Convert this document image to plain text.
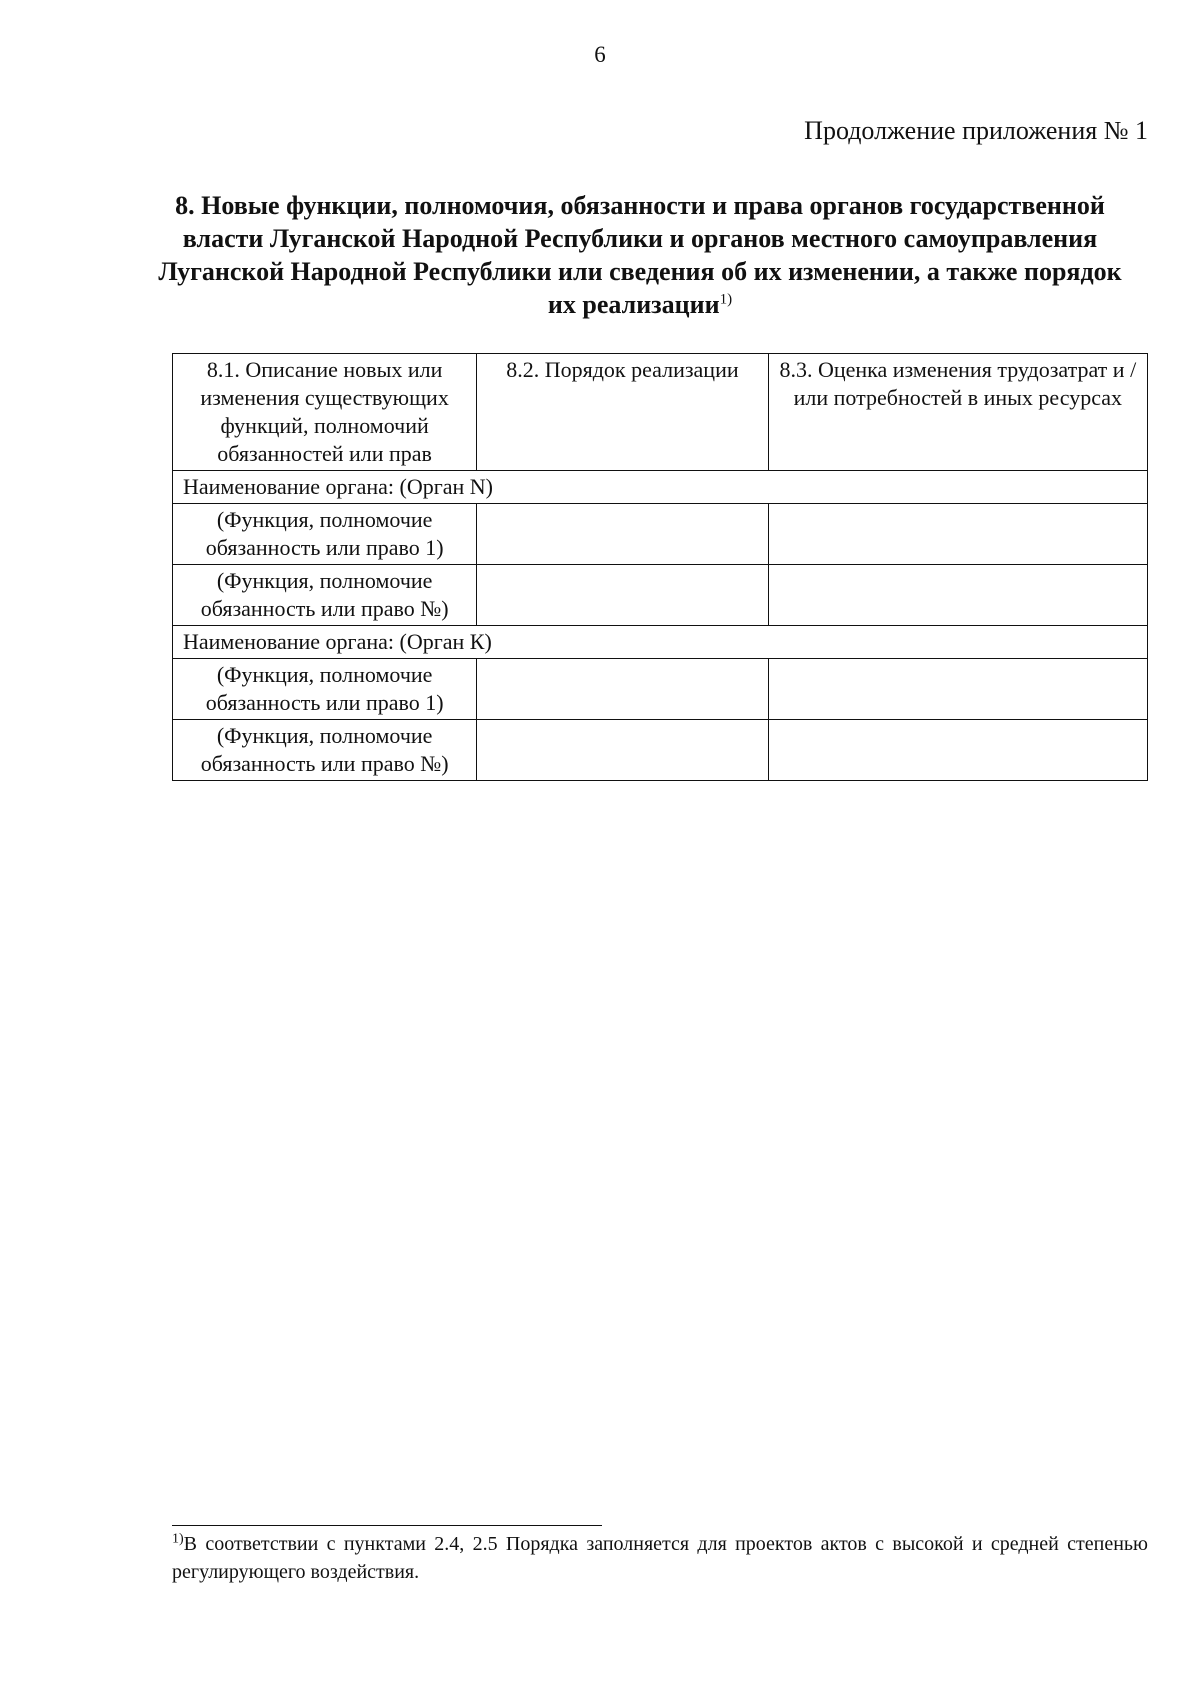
6
Продолжение приложения № 1
8. Новые функции, полномочия, обязанности и права органов государственной власти Луганской Народной Республики и органов местного самоуправления Луганской Народной Республики или сведения об их изменении, а также порядок их реализации$^{1)}$
8.1. Описание новых или изменения существующих функций, полномочий обязанностей или прав	8.2. Порядок реализации	8.3. Оценка изменения трудозатрат и / или потребностей в иных ресурсах
Наименование органа: (Орган N)		
(Функция, полномочие обязанность или право 1)		
(Функция, полномочие обязанность или право №)		
Наименование органа: (Орган К)		
(Функция, полномочие обязанность или право 1)		
(Функция, полномочие обязанность или право №)		
$^{1)}$В соответствии с пунктами 2.4, 2.5 Порядка заполняется для проектов актов с высокой и средней степенью регулирующего воздействия.
